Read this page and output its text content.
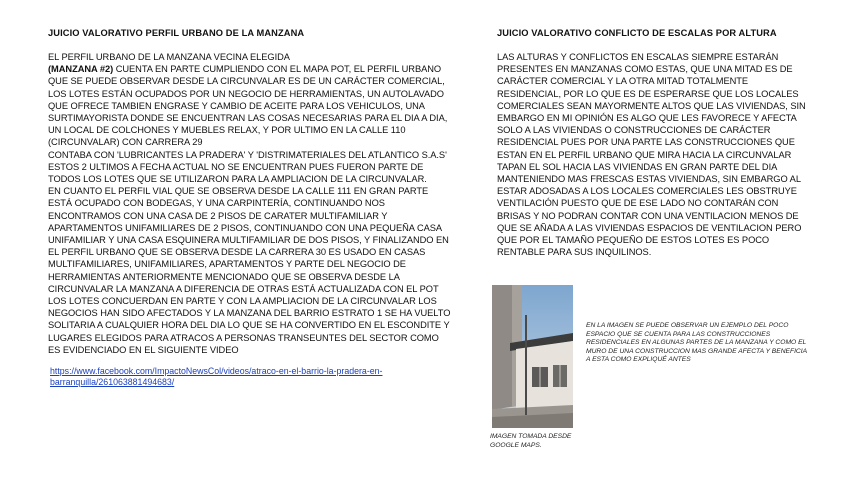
JUICIO VALORATIVO PERFIL URBANO DE LA MANZANA

EL PERFIL URBANO DE LA MANZANA VECINA ELEGIDA
(MANZANA #2) CUENTA EN PARTE CUMPLIENDO CON EL MAPA POT, EL PERFIL URBANO QUE SE PUEDE OBSERVAR DESDE LA CIRCUNVALAR ES DE UN CARÁCTER COMERCIAL, LOS LOTES ESTÁN OCUPADOS POR UN NEGOCIO DE HERRAMIENTAS, UN AUTOLAVADO QUE OFRECE TAMBIEN ENGRASE Y CAMBIO DE ACEITE PARA LOS VEHICULOS, UNA SURTIMAYORISTA DONDE SE ENCUENTRAN LAS COSAS NECESARIAS PARA EL DIA A DIA, UN LOCAL DE COLCHONES Y MUEBLES RELAX, Y POR ULTIMO EN LA CALLE 110 (CIRCUNVALAR) CON CARRERA 29
CONTABA CON 'LUBRICANTES LA PRADERA' Y 'DISTRIMATERIALES DEL ATLANTICO S.A.S' ESTOS 2 ULTIMOS A FECHA ACTUAL NO SE ENCUENTRAN PUES FUERON PARTE DE TODOS LOS LOTES QUE SE UTILIZARON PARA LA AMPLIACION DE LA CIRCUNVALAR.
EN CUANTO EL PERFIL VIAL QUE SE OBSERVA DESDE LA CALLE 111 EN GRAN PARTE ESTÁ OCUPADO CON BODEGAS, Y UNA CARPINTERÍA, CONTINUANDO NOS ENCONTRAMOS CON UNA CASA DE 2 PISOS DE CARATER MULTIFAMILIAR Y APARTAMENTOS UNIFAMILIARES DE 2 PISOS, CONTINUANDO CON UNA PEQUEÑA CASA UNIFAMILIAR Y UNA CASA ESQUINERA MULTIFAMILIAR DE DOS PISOS, Y FINALIZANDO EN EL PERFIL URBANO QUE SE OBSERVA DESDE LA CARRERA 30 ES USADO EN CASAS MULTIFAMILIARES, UNIFAMILIARES, APARTAMENTOS Y PARTE DEL NEGOCIO DE HERRAMIENTAS ANTERIORMENTE MENCIONADO QUE SE OBSERVA DESDE LA CIRCUNVALAR LA MANZANA A DIFERENCIA DE OTRAS ESTÁ ACTUALIZADA CON EL POT LOS LOTES CONCUERDAN EN PARTE Y CON LA AMPLIACION DE LA CIRCUNVALAR LOS NEGOCIOS HAN SIDO AFECTADOS Y LA MANZANA DEL BARRIO ESTRATO 1 SE HA VUELTO SOLITARIA A CUALQUIER HORA DEL DIA LO QUE SE HA CONVERTIDO EN EL ESCONDITE Y LUGARES ELEGIDOS PARA ATRACOS A PERSONAS TRANSEUNTES DEL SECTOR COMO ES EVIDENCIADO EN EL SIGUIENTE VIDEO

https://www.facebook.com/ImpactoNewsCol/videos/atraco-en-el-barrio-la-pradera-en-barranquilla/261063881494683/
JUICIO VALORATIVO CONFLICTO DE ESCALAS POR ALTURA

LAS ALTURAS Y CONFLICTOS EN ESCALAS SIEMPRE ESTARÁN PRESENTES EN MANZANAS COMO ESTAS, QUE UNA MITAD ES DE CARÁCTER COMERCIAL Y LA OTRA MITAD TOTALMENTE RESIDENCIAL, POR LO QUE ES DE ESPERARSE QUE LOS LOCALES COMERCIALES SEAN MAYORMENTE ALTOS QUE LAS VIVIENDAS, SIN EMBARGO EN MI OPINIÓN ES ALGO QUE LES FAVORECE Y AFECTA SOLO A LAS VIVIENDAS O CONSTRUCCIONES DE CARÁCTER RESIDENCIAL PUES POR UNA PARTE LAS CONSTRUCCIONES QUE ESTAN EN EL PERFIL URBANO QUE MIRA HACIA LA CIRCUNVALAR TAPAN EL SOL HACIA LAS VIVIENDAS EN GRAN PARTE DEL DIA MANTENIENDO MAS FRESCAS ESTAS VIVIENDAS, SIN EMBARGO AL ESTAR ADOSADAS A LOS LOCALES COMERCIALES LES OBSTRUYE VENTILACIÓN PUESTO QUE DE ESE LADO NO CONTARÁN CON BRISAS Y NO PODRAN CONTAR CON UNA VENTILACION MENOS DE QUE SE AÑADA A LAS VIVIENDAS ESPACIOS DE VENTILACION PERO QUE POR EL TAMAÑO PEQUEÑO DE ESTOS LOTES ES POCO RENTABLE PARA SUS INQUILINOS.

EN LA IMAGEN SE PUEDE OBSERVAR UN EJEMPLO DEL POCO ESPACIO QUE SE CUENTA PARA LAS CONSTRUCCIONES RESIDENCIALES EN ALGUNAS PARTES DE LA MANZANA Y COMO EL MURO DE UNA CONSTRUCCION MAS GRANDE AFECTA Y BENEFICIA A ESTA COMO EXPLIQUÉ ANTES
IMAGEN TOMADA DESDE GOOGLE MAPS.
